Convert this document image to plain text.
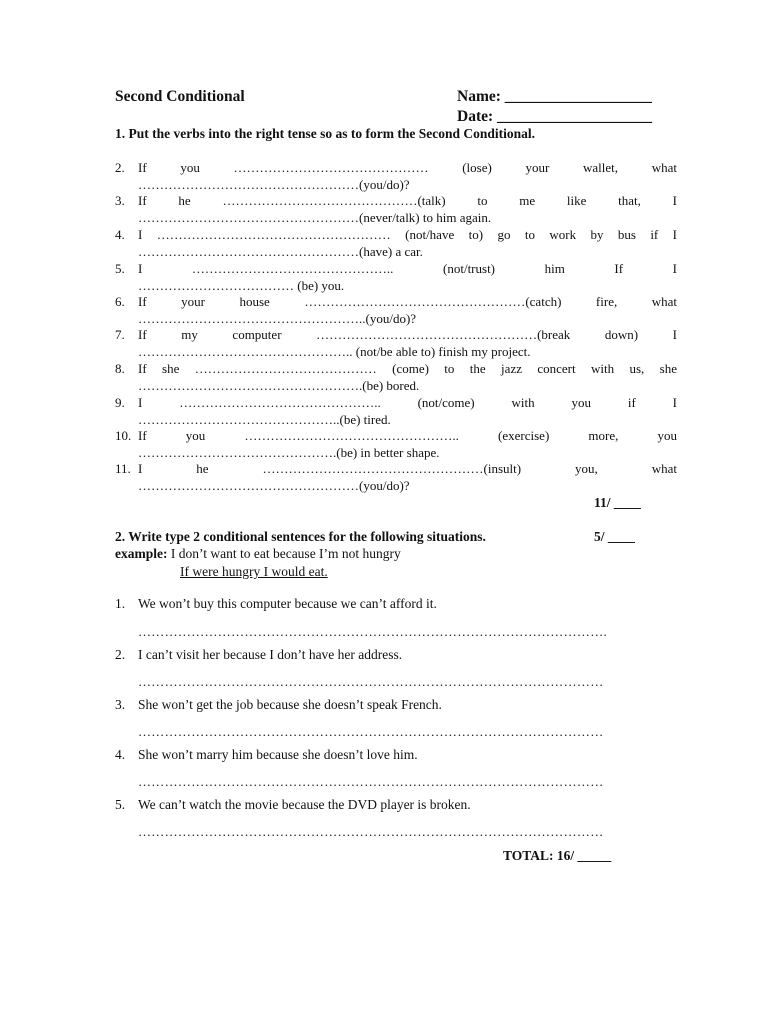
Second Conditional	Name: ___________________
Date: ____________________
1. Put the verbs into the right tense so as to form the Second Conditional.
2. If you ……………………………………… (lose) your wallet, what
……………………………………………(you/do)?
3. If he ………………………………………(talk) to me like that, I
……………………………………………(never/talk) to him again.
4. I ……………………………………………… (not/have to) go to work by bus if I
……………………………………………(have) a car.
5. I ……………………………………….. (not/trust) him If I
……………………………… (be) you.
6. If your house ……………………………………………(catch) fire, what
……………………………………………..(you/do)?
7. If my computer ……………………………………………(break down) I
………………………………………….. (not/be able to) finish my project.
8. If she …………………………………… (come) to the jazz concert with us, she
…………………………………………….(be) bored.
9. I ……………………………………….. (not/come) with you if I
………………………………………..(be) tired.
10. If you ………………………………………….. (exercise) more, you
……………………………………….(be) in better shape.
11. I he ……………………………………………(insult) you, what
……………………………………………(you/do)?
11/ ____
2. Write type 2 conditional sentences for the following situations.	5/ ____
example: I don’t want to eat because I’m not hungry
If were hungry I would eat.
1. We won’t buy this computer because we can’t afford it.
…………………………………………………………………………………………….
2. I can’t visit her because I don’t have her address.
……………………………………………………………………………………………
3. She won’t get the job because she doesn’t speak French.
……………………………………………………………………………………………
4. She won’t marry him because she doesn’t love him.
……………………………………………………………………………………………
5. We can’t watch the movie because the DVD player is broken.
……………………………………………………………………………………………
TOTAL: 16/ _____
